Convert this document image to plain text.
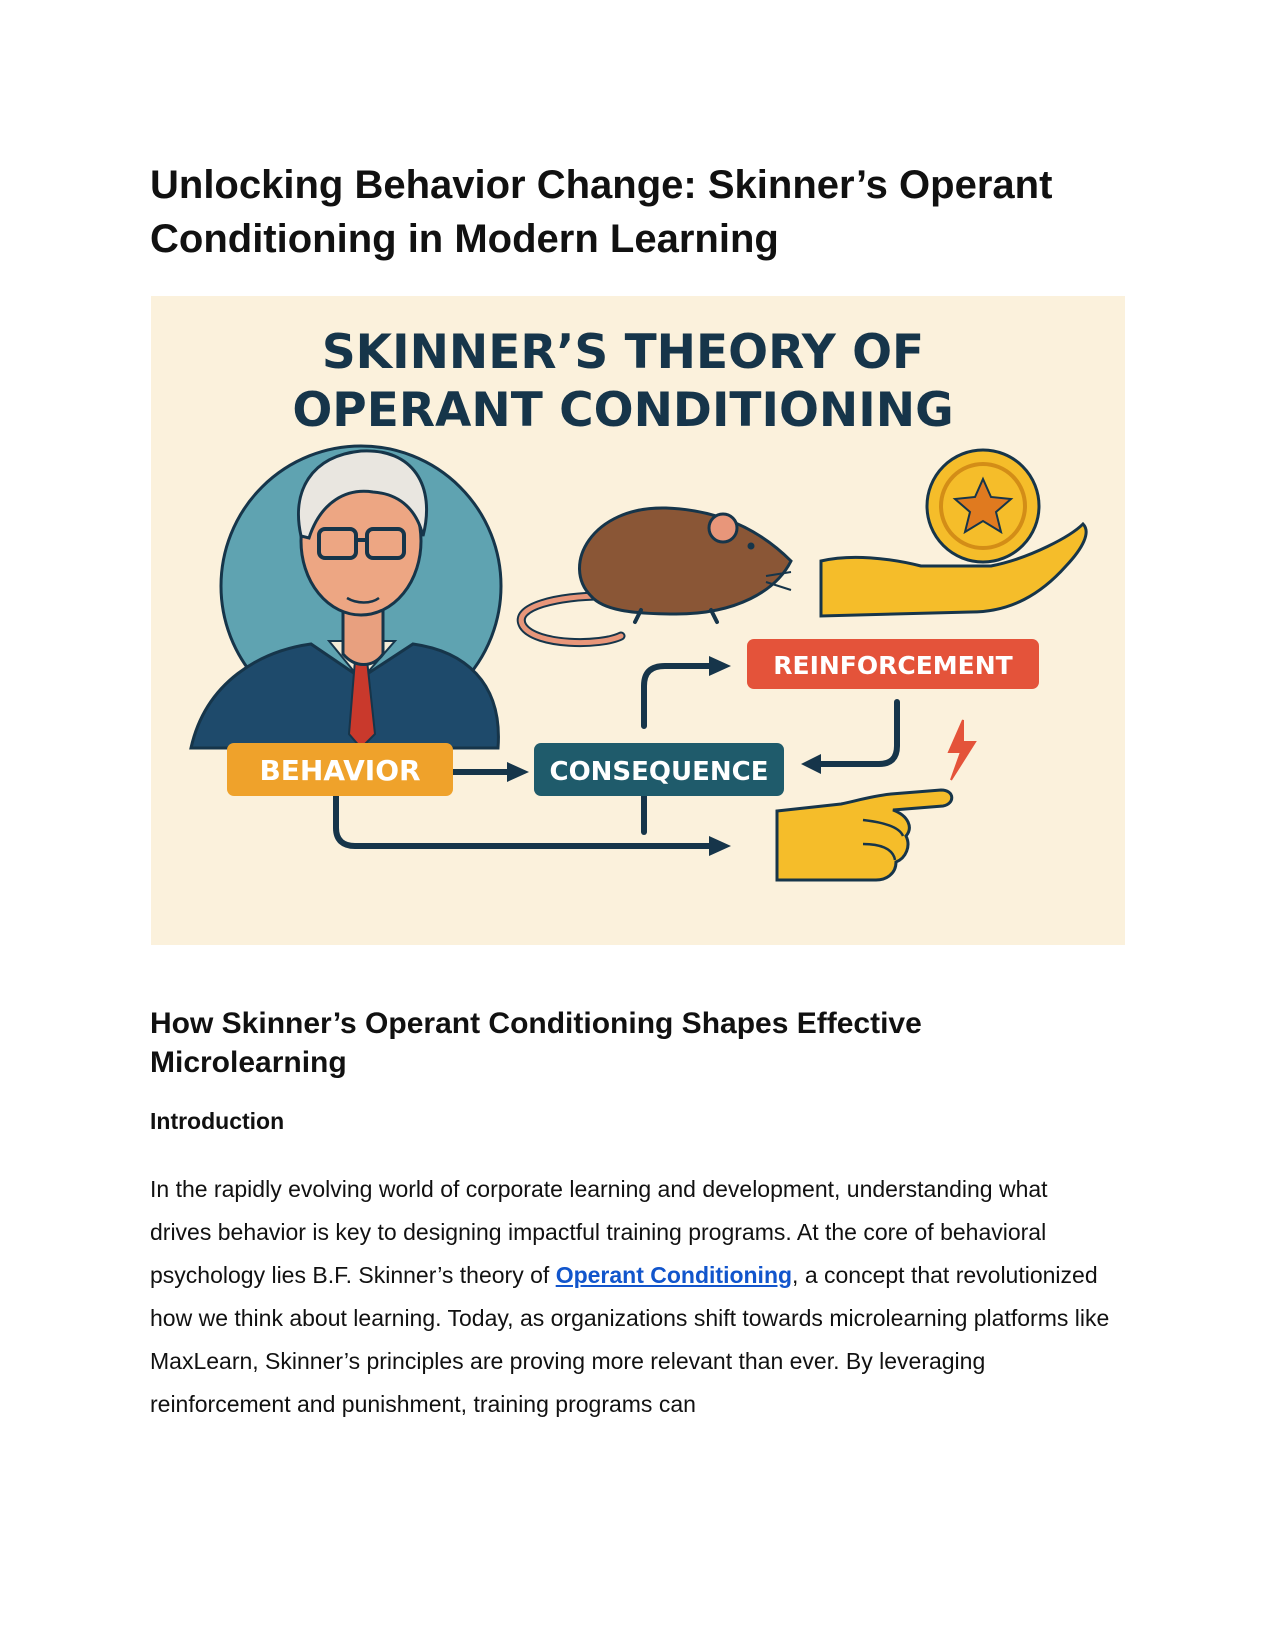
Unlocking Behavior Change: Skinner’s Operant Conditioning in Modern Learning
SKINNER’S THEORY OF
OPERANT CONDITIONING
BEHAVIOR	CONSEQUENCE
REINFORCEMENT
How Skinner’s Operant Conditioning Shapes Effective Microlearning
Introduction

In the rapidly evolving world of corporate learning and development, understanding what drives behavior is key to designing impactful training programs. At the core of behavioral psychology lies B.F. Skinner’s theory of Operant Conditioning, a concept that revolutionized how we think about learning. Today, as organizations shift towards microlearning platforms like MaxLearn, Skinner’s principles are proving more relevant than ever. By leveraging reinforcement and punishment, training programs can
